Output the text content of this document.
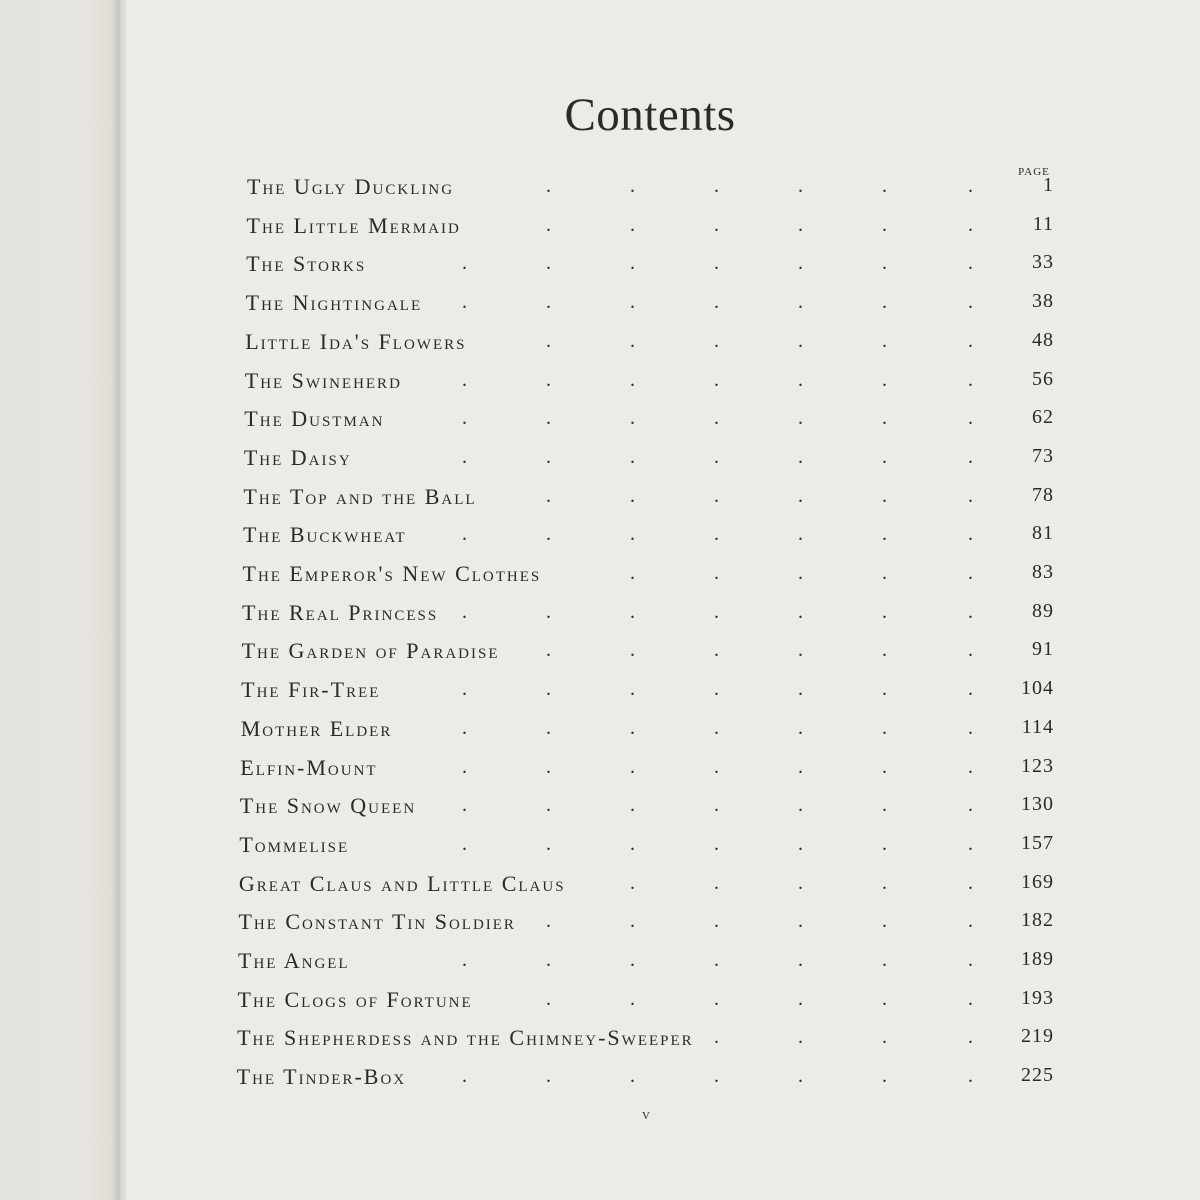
Contents
PAGE
The Ugly Duckling	1
.	.	.	.	.	.
The Little Mermaid	11
.	.	.	.	.	.
The Storks	33
.	.	.	.	.	.	.
The Nightingale	38
.	.	.	.	.	.	.
Little Ida's Flowers	48
.	.	.	.	.	.
The Swineherd	56
.	.	.	.	.	.	.
The Dustman	62
.	.	.	.	.	.	.
The Daisy	73
.	.	.	.	.	.	.
The Top and the Ball	78
.	.	.	.	.	.
The Buckwheat	81
.	.	.	.	.	.	.
The Emperor's New Clothes	83
.	.	.	.	.
The Real Princess	89
.	.	.	.	.	.	.
The Garden of Paradise	91
.	.	.	.	.	.
The Fir-Tree	104
.	.	.	.	.	.	.
Mother Elder	114
.	.	.	.	.	.	.
Elfin-Mount	123
.	.	.	.	.	.	.
The Snow Queen	130
.	.	.	.	.	.	.
Tommelise	157
.	.	.	.	.	.	.
Great Claus and Little Claus	169
.	.	.	.	.
The Constant Tin Soldier	182
.	.	.	.	.	.
The Angel	189
.	.	.	.	.	.	.
The Clogs of Fortune	193
.	.	.	.	.	.
The Shepherdess and the Chimney-Sweeper	219
.	.	.	.
The Tinder-Box	225
.	.	.	.	.	.	.
v
